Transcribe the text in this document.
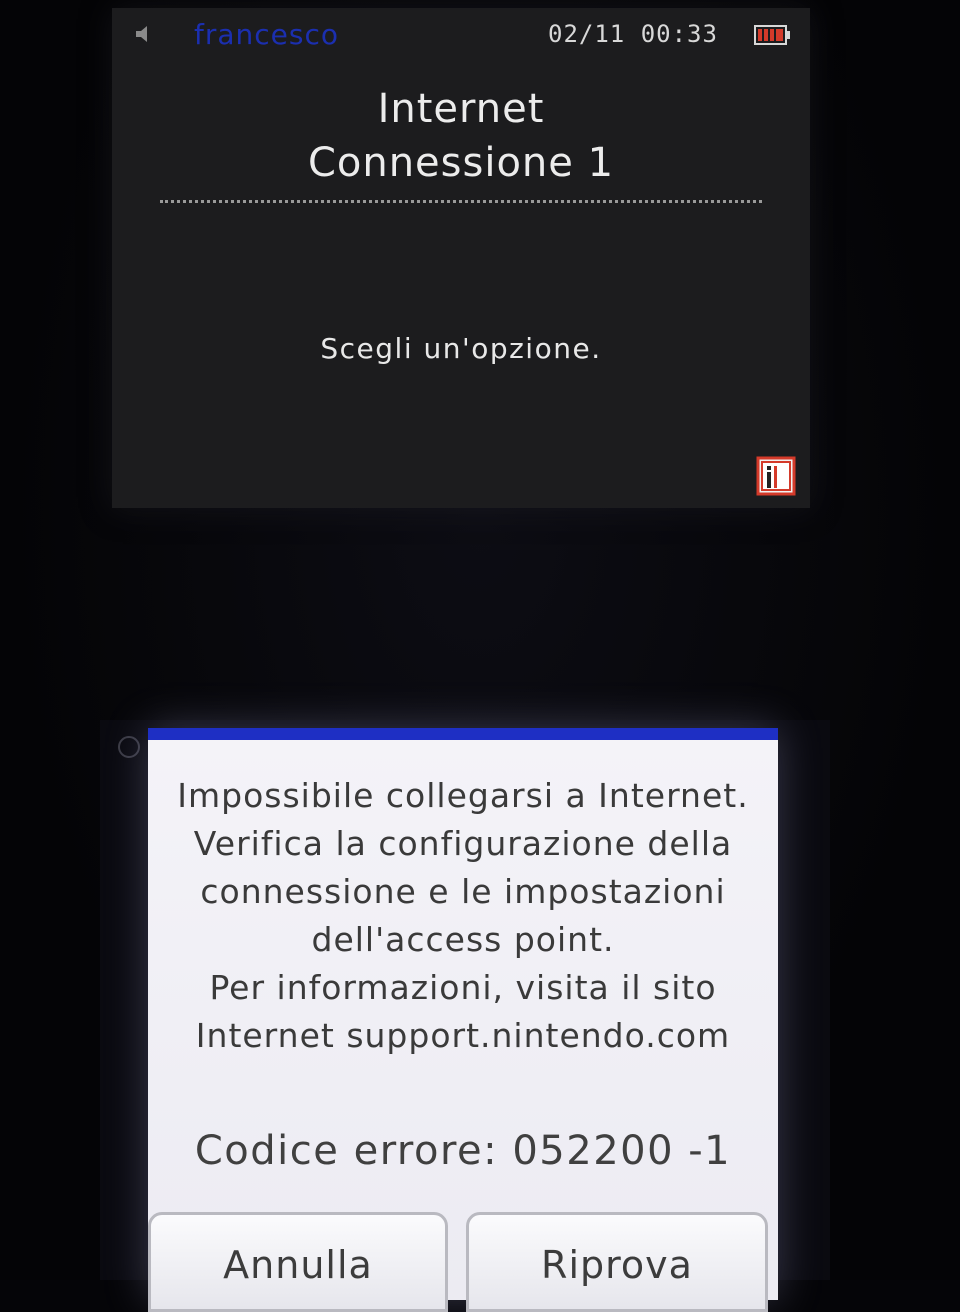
francesco	02/11 00:33
Internet
Connessione 1
Scegli un'opzione.
Impossibile collegarsi a Internet.
Verifica la configurazione della
connessione e le impostazioni
dell'access point.
Per informazioni, visita il sito
Internet support.nintendo.com
Codice errore: 052200 -1
Annulla	Riprova
